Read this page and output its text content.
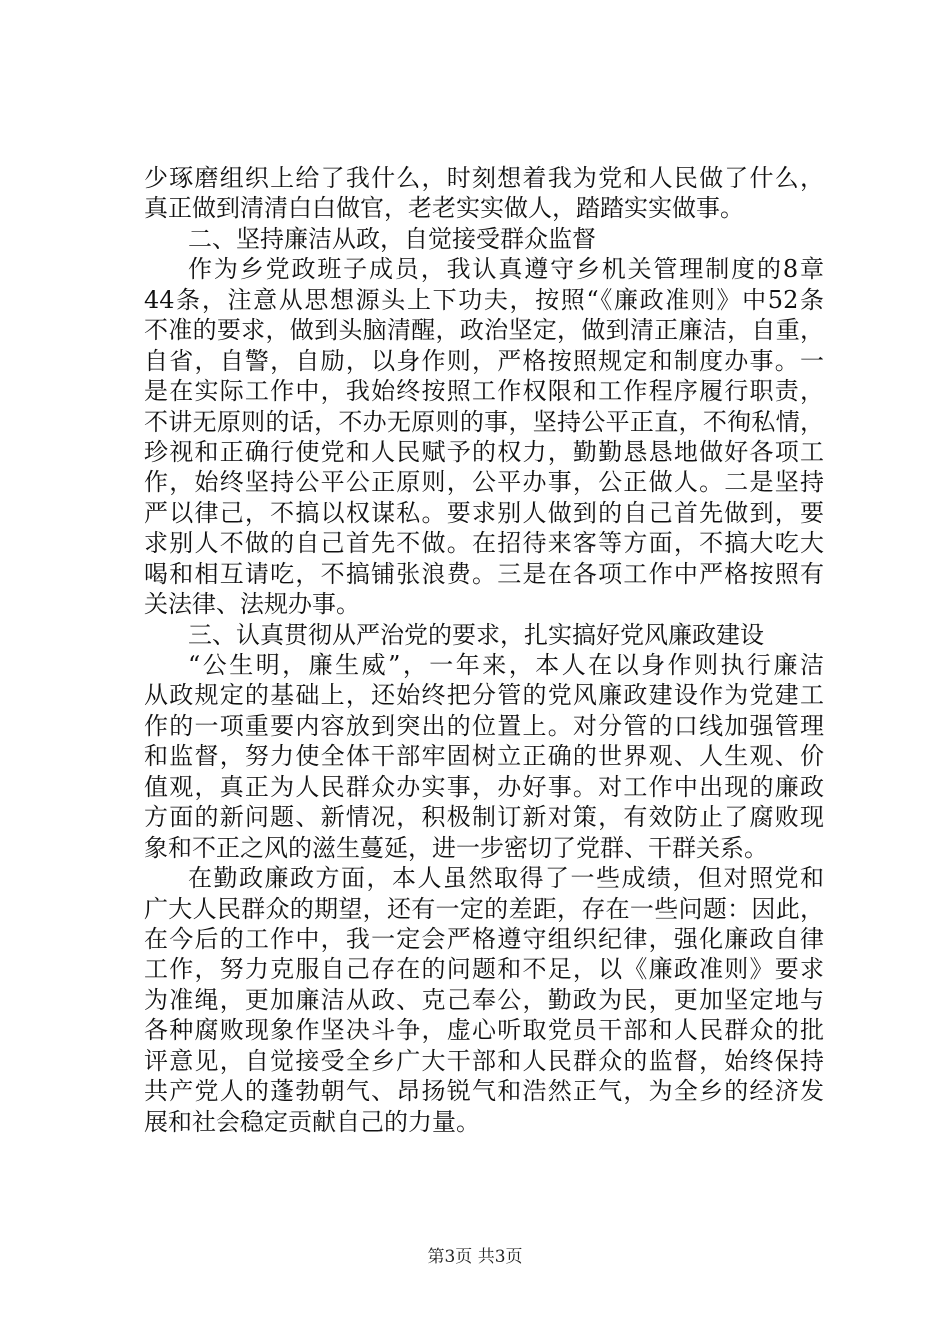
少琢磨组织上给了我什么，时刻想着我为党和人民做了什么，
真正做到清清白白做官，老老实实做人，踏踏实实做事。
二、坚持廉洁从政，自觉接受群众监督
作为乡党政班子成员，我认真遵守乡机关管理制度的8章
44条，注意从思想源头上下功夫，按照“《廉政准则》中52条
不准的要求，做到头脑清醒，政治坚定，做到清正廉洁，自重，
自省，自警，自励，以身作则，严格按照规定和制度办事。一
是在实际工作中，我始终按照工作权限和工作程序履行职责，
不讲无原则的话，不办无原则的事，坚持公平正直，不徇私情，
珍视和正确行使党和人民赋予的权力，勤勤恳恳地做好各项工
作，始终坚持公平公正原则，公平办事，公正做人。二是坚持
严以律己，不搞以权谋私。要求别人做到的自己首先做到，要
求别人不做的自己首先不做。在招待来客等方面，不搞大吃大
喝和相互请吃，不搞铺张浪费。三是在各项工作中严格按照有
关法律、法规办事。
三、认真贯彻从严治党的要求，扎实搞好党风廉政建设
“公生明，廉生威”，一年来，本人在以身作则执行廉洁
从政规定的基础上，还始终把分管的党风廉政建设作为党建工
作的一项重要内容放到突出的位置上。对分管的口线加强管理
和监督，努力使全体干部牢固树立正确的世界观、人生观、价
值观，真正为人民群众办实事，办好事。对工作中出现的廉政
方面的新问题、新情况，积极制订新对策，有效防止了腐败现
象和不正之风的滋生蔓延，进一步密切了党群、干群关系。
在勤政廉政方面，本人虽然取得了一些成绩，但对照党和
广大人民群众的期望，还有一定的差距，存在一些问题：因此，
在今后的工作中，我一定会严格遵守组织纪律，强化廉政自律
工作，努力克服自己存在的问题和不足，以《廉政准则》要求
为准绳，更加廉洁从政、克己奉公，勤政为民，更加坚定地与
各种腐败现象作坚决斗争，虚心听取党员干部和人民群众的批
评意见，自觉接受全乡广大干部和人民群众的监督，始终保持
共产党人的蓬勃朝气、昂扬锐气和浩然正气，为全乡的经济发
展和社会稳定贡献自己的力量。
第3页 共3页
